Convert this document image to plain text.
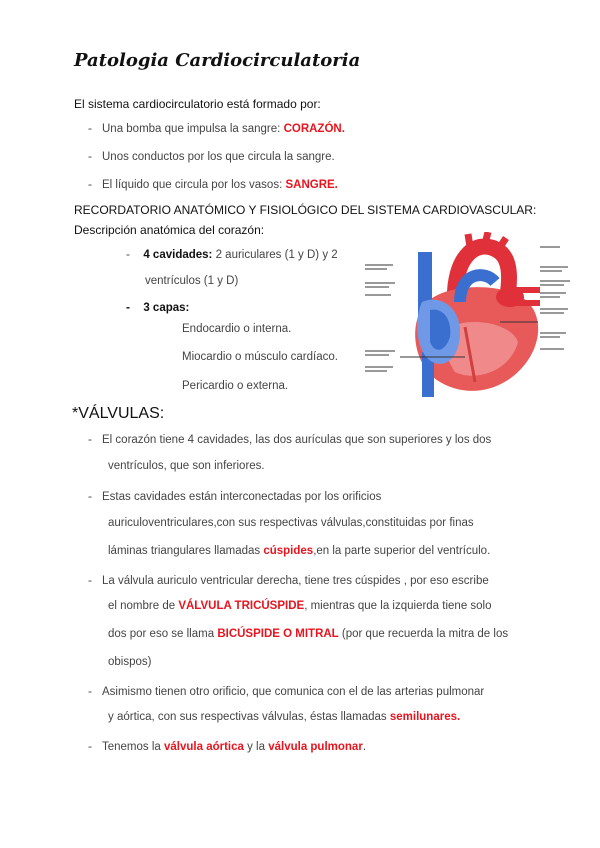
Patologia Cardiocirculatoria
El sistema cardiocirculatorio está formado por:
-   Una bomba que impulsa la sangre: CORAZÓN.
-   Unos conductos por los que circula la sangre.
-   El líquido que circula por los vasos: SANGRE.
RECORDATORIO ANATÓMICO Y FISIOLÓGICO DEL SISTEMA CARDIOVASCULAR:
Descripción anatómica del corazón:
-    4 cavidades: 2 auriculares (1 y D) y 2
ventrículos (1 y D)
-    3 capas:
Endocardio o interna.
Miocardio o músculo cardíaco.
Pericardio o externa.
*VÁLVULAS:
-   El corazón tiene 4 cavidades, las dos aurículas que son superiores y los dos
ventrículos, que son inferiores.
-   Estas cavidades están interconectadas por los orificios
auriculoventriculares,con sus respectivas válvulas,constituidas por finas
láminas triangulares llamadas cúspides,en la parte superior del ventrículo.
-   La válvula auriculo ventricular derecha, tiene tres cúspides , por eso escribe
el nombre de VÁLVULA TRICÚSPIDE, mientras que la izquierda tiene solo
dos por eso se llama BICÚSPIDE O MITRAL (por que recuerda la mitra de los
obispos)
-   Asimismo tienen otro orificio, que comunica con el de las arterias pulmonar
y aórtica, con sus respectivas válvulas, éstas llamadas semilunares.
-   Tenemos la válvula aórtica y la válvula pulmonar.
